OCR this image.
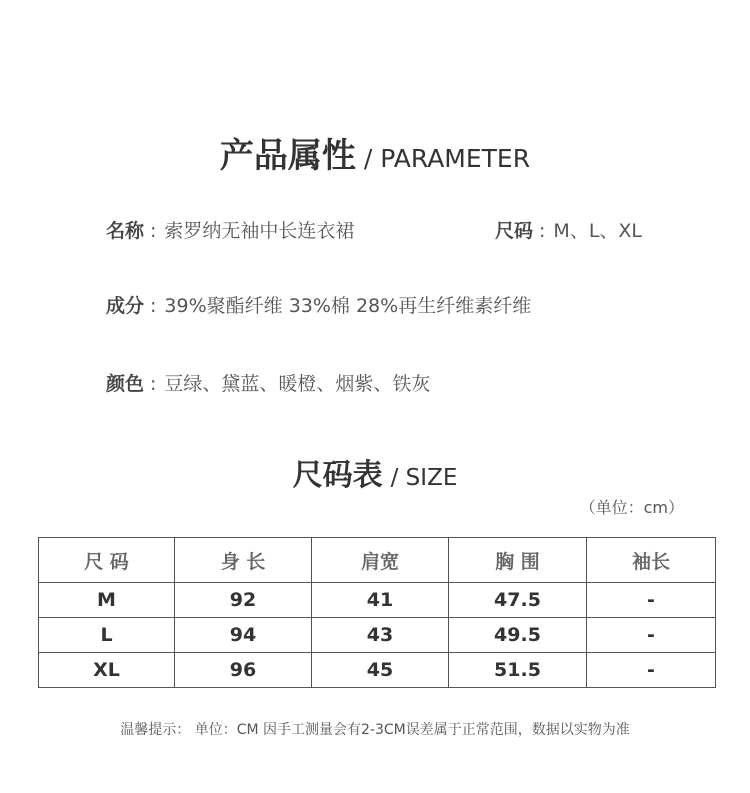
产品属性 / PARAMETER
名称 : 索罗纳无袖中长连衣裙	尺码 : M、L、XL
成分 : 39%聚酯纤维 33%棉 28%再生纤维素纤维
颜色 : 豆绿、黛蓝、暖橙、烟紫、铁灰
尺码表 / SIZE
（单位：cm）
尺 码	身 长	肩宽	胸 围	袖长
M	92	41	47.5	-
L	94	43	49.5	-
XL	96	45	51.5	-
温馨提示： 单位：CM 因手工测量会有2-3CM误差属于正常范围，数据以实物为准
